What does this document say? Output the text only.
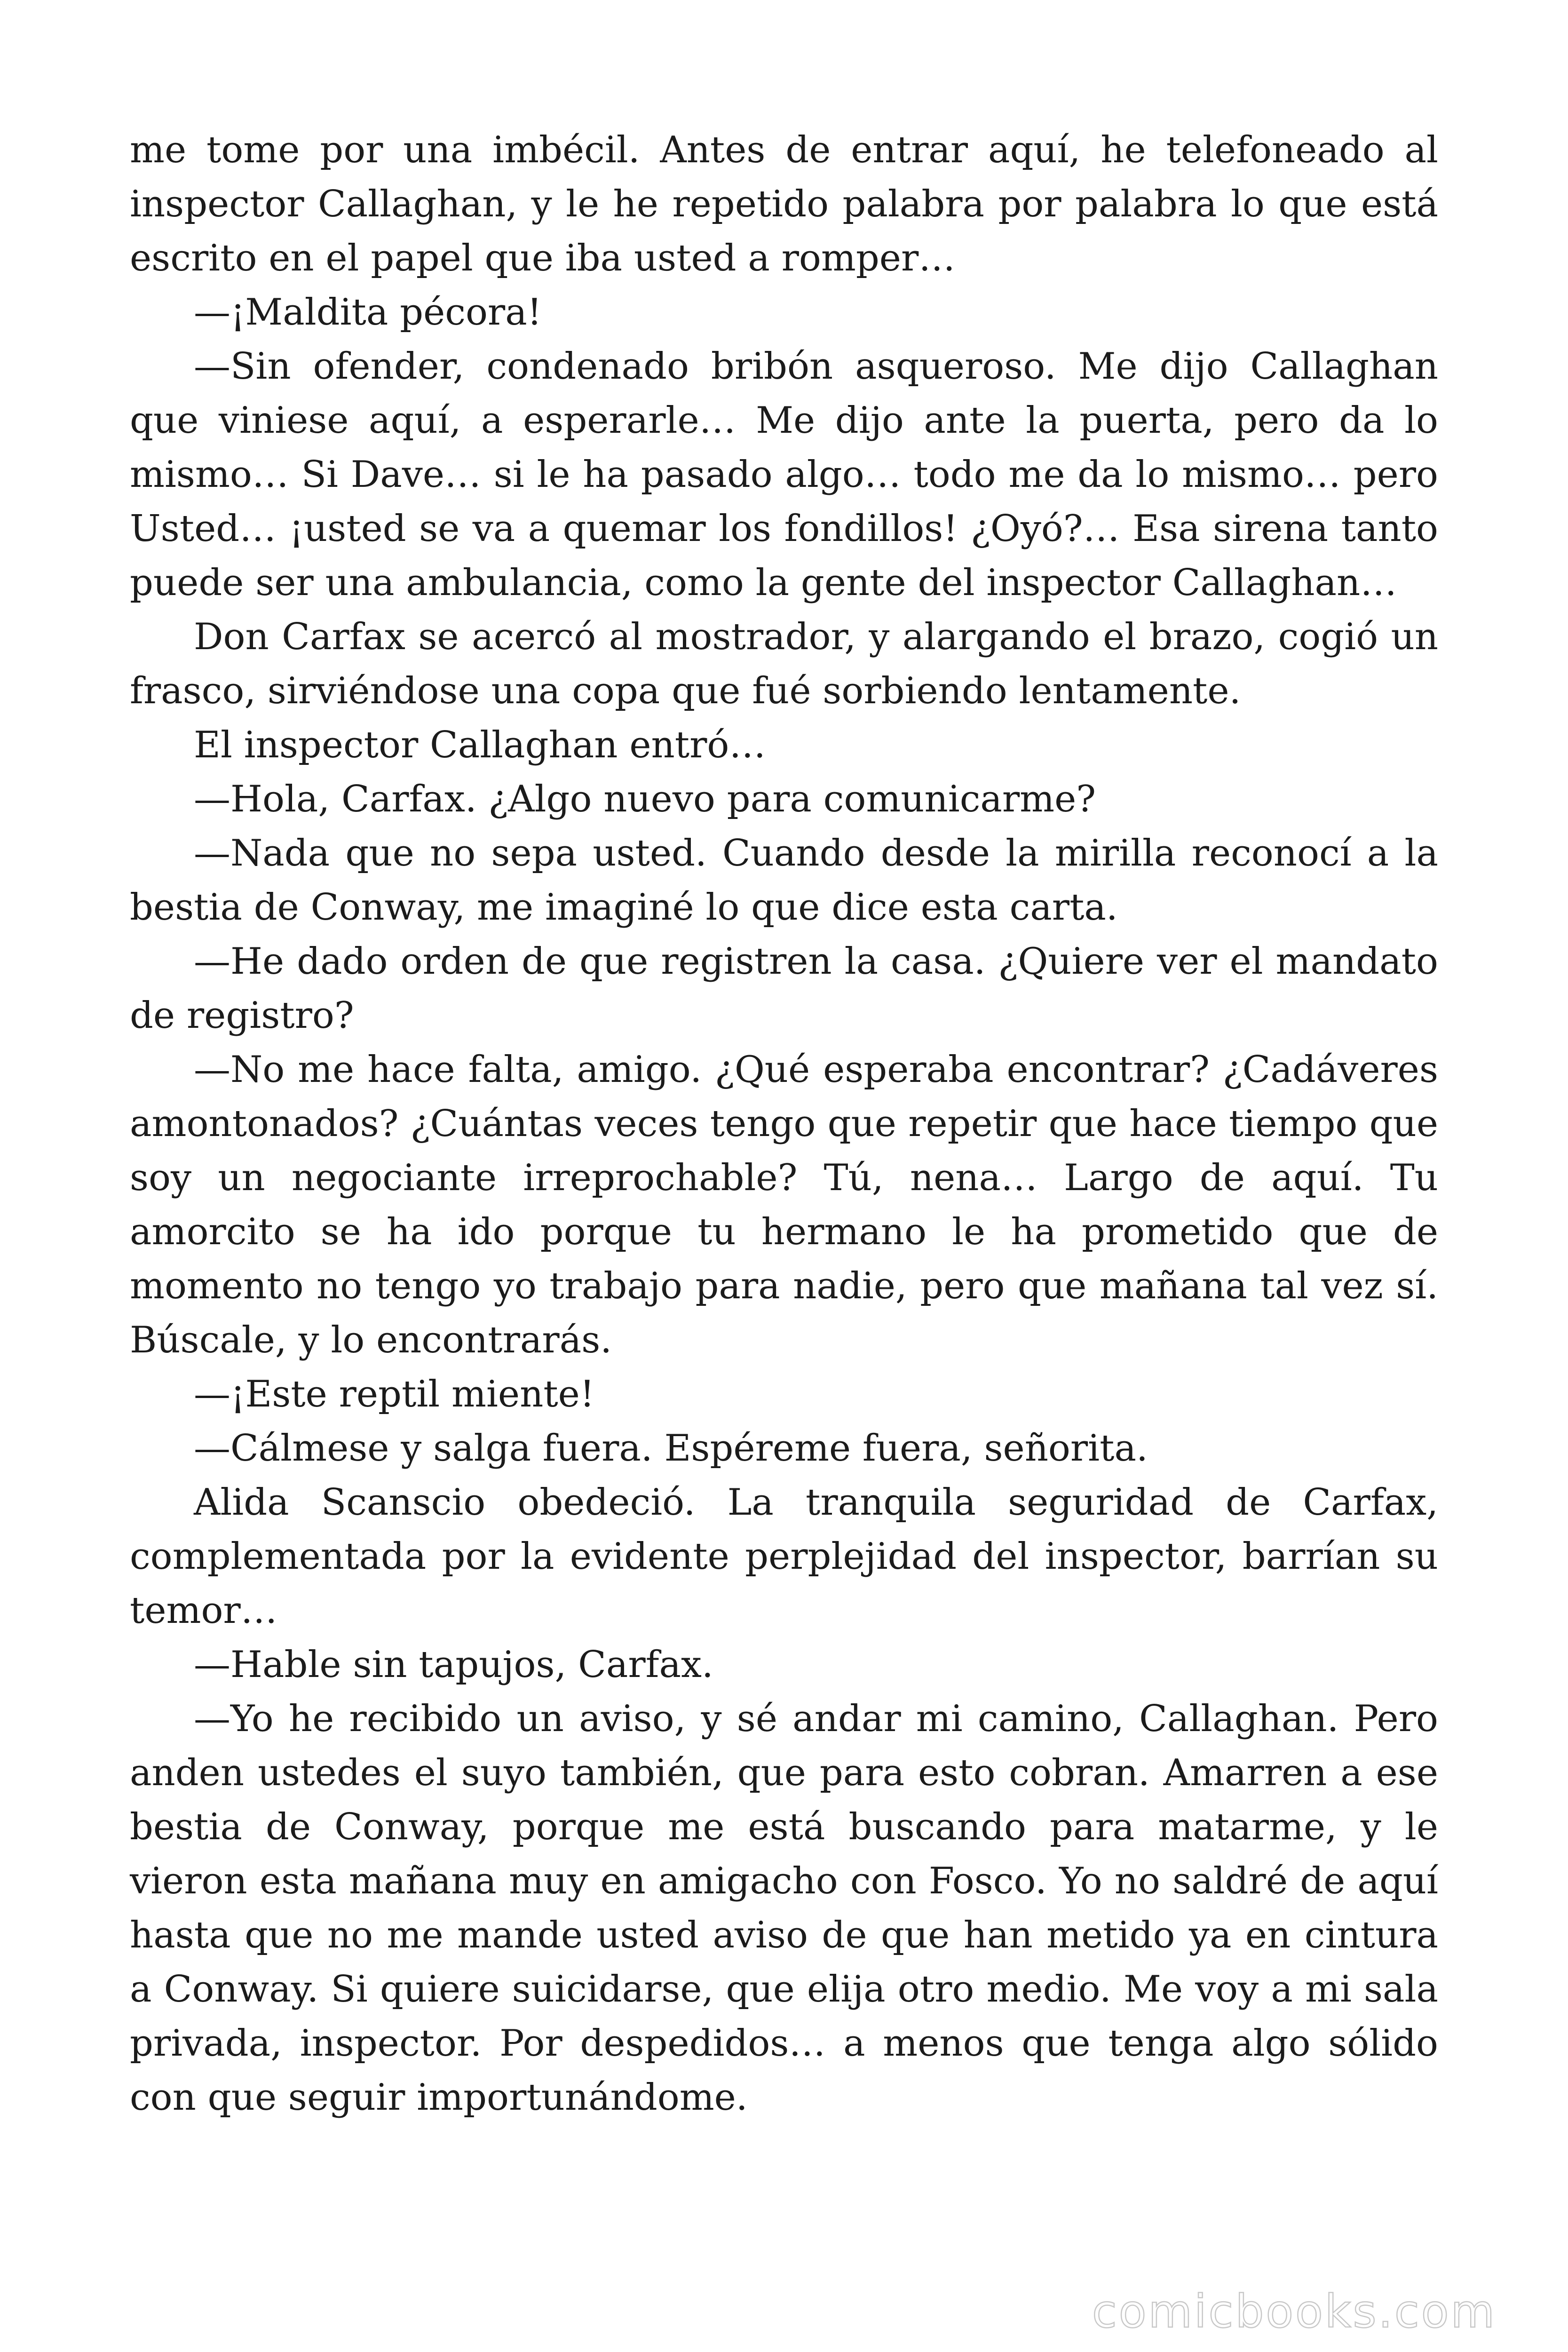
me tome por una imbécil. Antes de entrar aquí, he telefoneado al inspector Callaghan, y le he repetido palabra por palabra lo que está escrito en el papel que iba usted a romper…

—¡Maldita pécora!

—Sin ofender, condenado bribón asqueroso. Me dijo Callaghan que viniese aquí, a esperarle… Me dijo ante la puerta, pero da lo mismo… Si Dave… si le ha pasado algo… todo me da lo mismo… pero Usted… ¡usted se va a quemar los fondillos! ¿Oyó?… Esa sirena tanto puede ser una ambulancia, como la gente del inspector Callaghan…

Don Carfax se acercó al mostrador, y alargando el brazo, cogió un frasco, sirviéndose una copa que fué sorbiendo lentamente.

El inspector Callaghan entró…

—Hola, Carfax. ¿Algo nuevo para comunicarme?

—Nada que no sepa usted. Cuando desde la mirilla reconocí a la bestia de Conway, me imaginé lo que dice esta carta.

—He dado orden de que registren la casa. ¿Quiere ver el mandato de registro?

—No me hace falta, amigo. ¿Qué esperaba encontrar? ¿Cadáveres amontonados? ¿Cuántas veces tengo que repetir que hace tiempo que soy un negociante irreprochable? Tú, nena… Largo de aquí. Tu amorcito se ha ido porque tu hermano le ha prometido que de momento no tengo yo trabajo para nadie, pero que mañana tal vez sí. Búscale, y lo encontrarás.

—¡Este reptil miente!

—Cálmese y salga fuera. Espéreme fuera, señorita.

Alida Scanscio obedeció. La tranquila seguridad de Carfax, complementada por la evidente perplejidad del inspector, barrían su temor…

—Hable sin tapujos, Carfax.

—Yo he recibido un aviso, y sé andar mi camino, Callaghan. Pero anden ustedes el suyo también, que para esto cobran. Amarren a ese bestia de Conway, porque me está buscando para matarme, y le vieron esta mañana muy en amigacho con Fosco. Yo no saldré de aquí hasta que no me mande usted aviso de que han metido ya en cintura a Conway. Si quiere suicidarse, que elija otro medio. Me voy a mi sala privada, inspector. Por despedidos… a menos que tenga algo sólido con que seguir importunándome.

comicbooks.com
